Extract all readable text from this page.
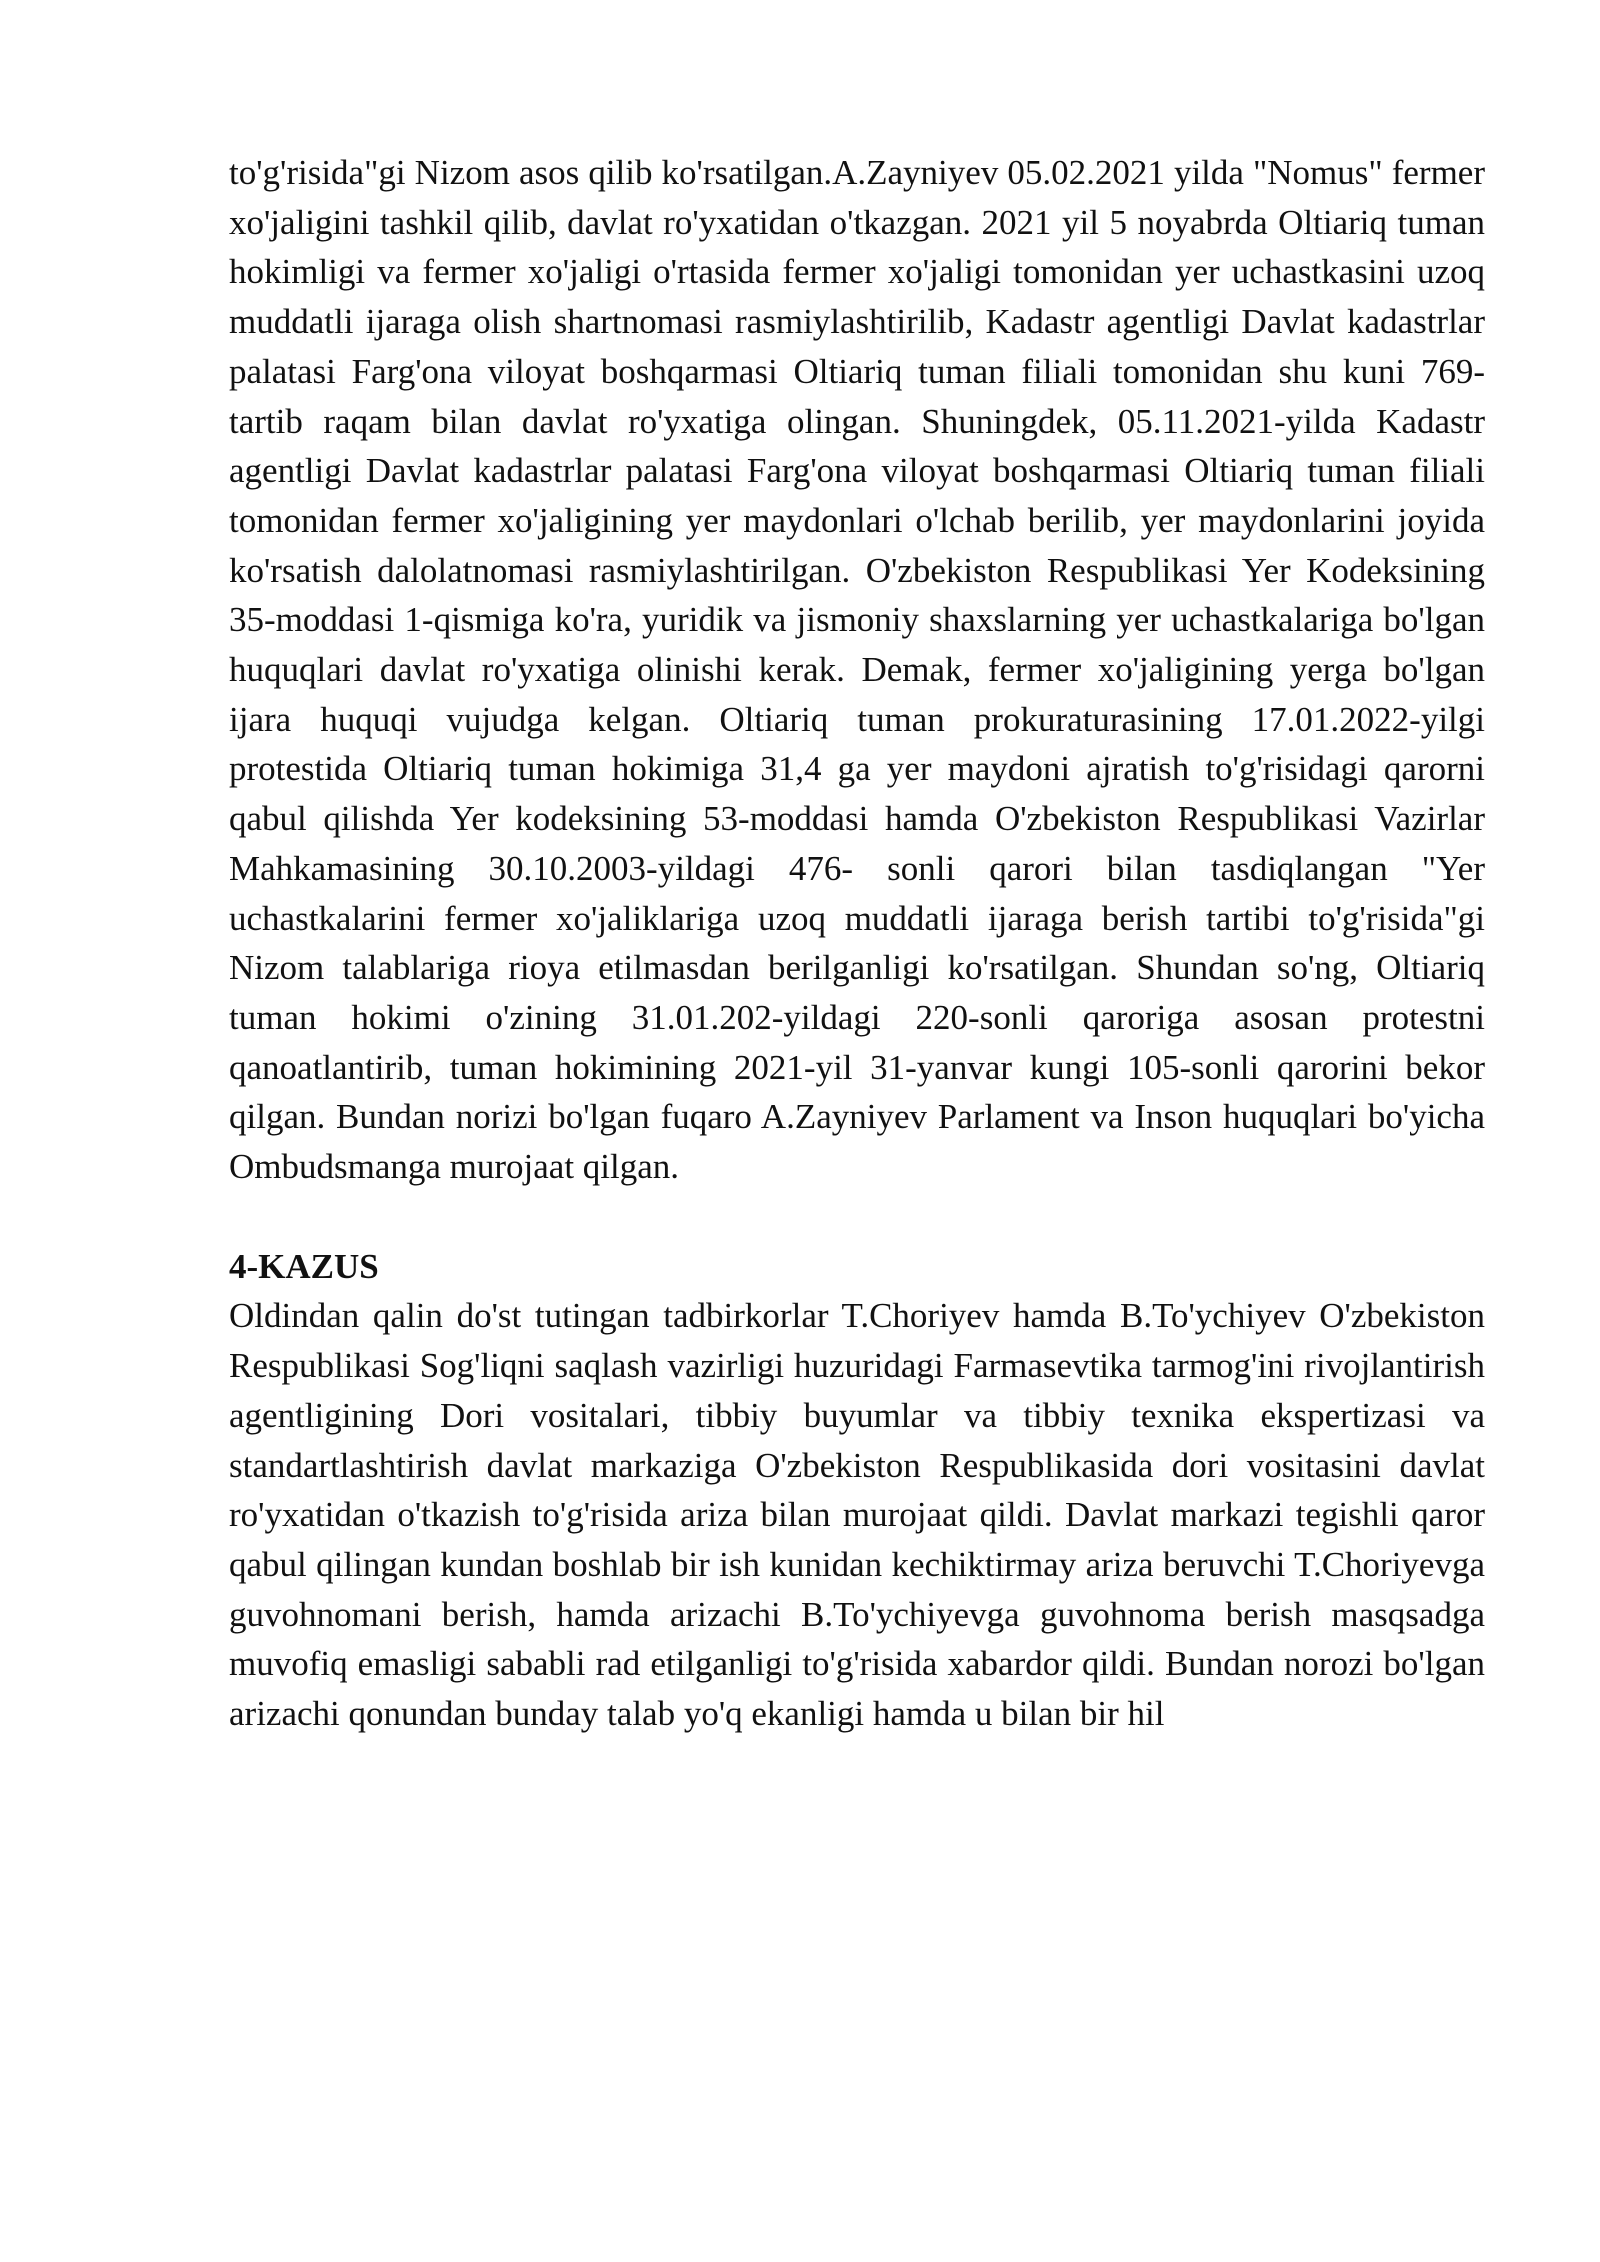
to'g'risida"gi Nizom asos qilib ko'rsatilgan.A.Zayniyev 05.02.2021 yilda "Nomus" fermer xo'jaligini tashkil qilib, davlat ro'yxatidan o'tkazgan. 2021 yil 5 noyabrda Oltiariq tuman hokimligi va fermer xo'jaligi o'rtasida fermer xo'jaligi tomonidan yer uchastkasini uzoq muddatli ijaraga olish shartnomasi rasmiylashtirilib, Kadastr agentligi Davlat kadastrlar palatasi Farg'ona viloyat boshqarmasi Oltiariq tuman filiali tomonidan shu kuni 769- tartib raqam bilan davlat ro'yxatiga olingan. Shuningdek, 05.11.2021-yilda Kadastr agentligi Davlat kadastrlar palatasi Farg'ona viloyat boshqarmasi Oltiariq tuman filiali tomonidan fermer xo'jaligining yer maydonlari o'lchab berilib, yer maydonlarini joyida ko'rsatish dalolatnomasi rasmiylashtirilgan. O'zbekiston Respublikasi Yer Kodeksining 35-moddasi 1-qismiga ko'ra, yuridik va jismoniy shaxslarning yer uchastkalariga bo'lgan huquqlari davlat ro'yxatiga olinishi kerak. Demak, fermer xo'jaligining yerga bo'lgan ijara huquqi vujudga kelgan. Oltiariq tuman prokuraturasining 17.01.2022-yilgi protestida Oltiariq tuman hokimiga 31,4 ga yer maydoni ajratish to'g'risidagi qarorni qabul qilishda Yer kodeksining 53-moddasi hamda O'zbekiston Respublikasi Vazirlar Mahkamasining 30.10.2003-yildagi 476- sonli qarori bilan tasdiqlangan "Yer uchastkalarini fermer xo'jaliklariga uzoq muddatli ijaraga berish tartibi to'g'risida"gi Nizom talablariga rioya etilmasdan berilganligi ko'rsatilgan. Shundan so'ng, Oltiariq tuman hokimi o'zining 31.01.202-yildagi 220-sonli qaroriga asosan protestni qanoatlantirib, tuman hokimining 2021-yil 31-yanvar kungi 105-sonli qarorini bekor qilgan. Bundan norizi bo'lgan fuqaro A.Zayniyev Parlament va Inson huquqlari bo'yicha Ombudsmanga murojaat qilgan.

4-KAZUS

Oldindan qalin do'st tutingan tadbirkorlar T.Choriyev hamda B.To'ychiyev O'zbekiston Respublikasi Sog'liqni saqlash vazirligi huzuridagi Farmasevtika tarmog'ini rivojlantirish agentligining Dori vositalari, tibbiy buyumlar va tibbiy texnika ekspertizasi va standartlashtirish davlat markaziga O'zbekiston Respublikasida dori vositasini davlat ro'yxatidan o'tkazish to'g'risida ariza bilan murojaat qildi. Davlat markazi tegishli qaror qabul qilingan kundan boshlab bir ish kunidan kechiktirmay ariza beruvchi T.Choriyevga guvohnomani berish, hamda arizachi B.To'ychiyevga guvohnoma berish masqsadga muvofiq emasligi sababli rad etilganligi to'g'risida xabardor qildi. Bundan norozi bo'lgan arizachi qonundan bunday talab yo'q ekanligi hamda u bilan bir hil
